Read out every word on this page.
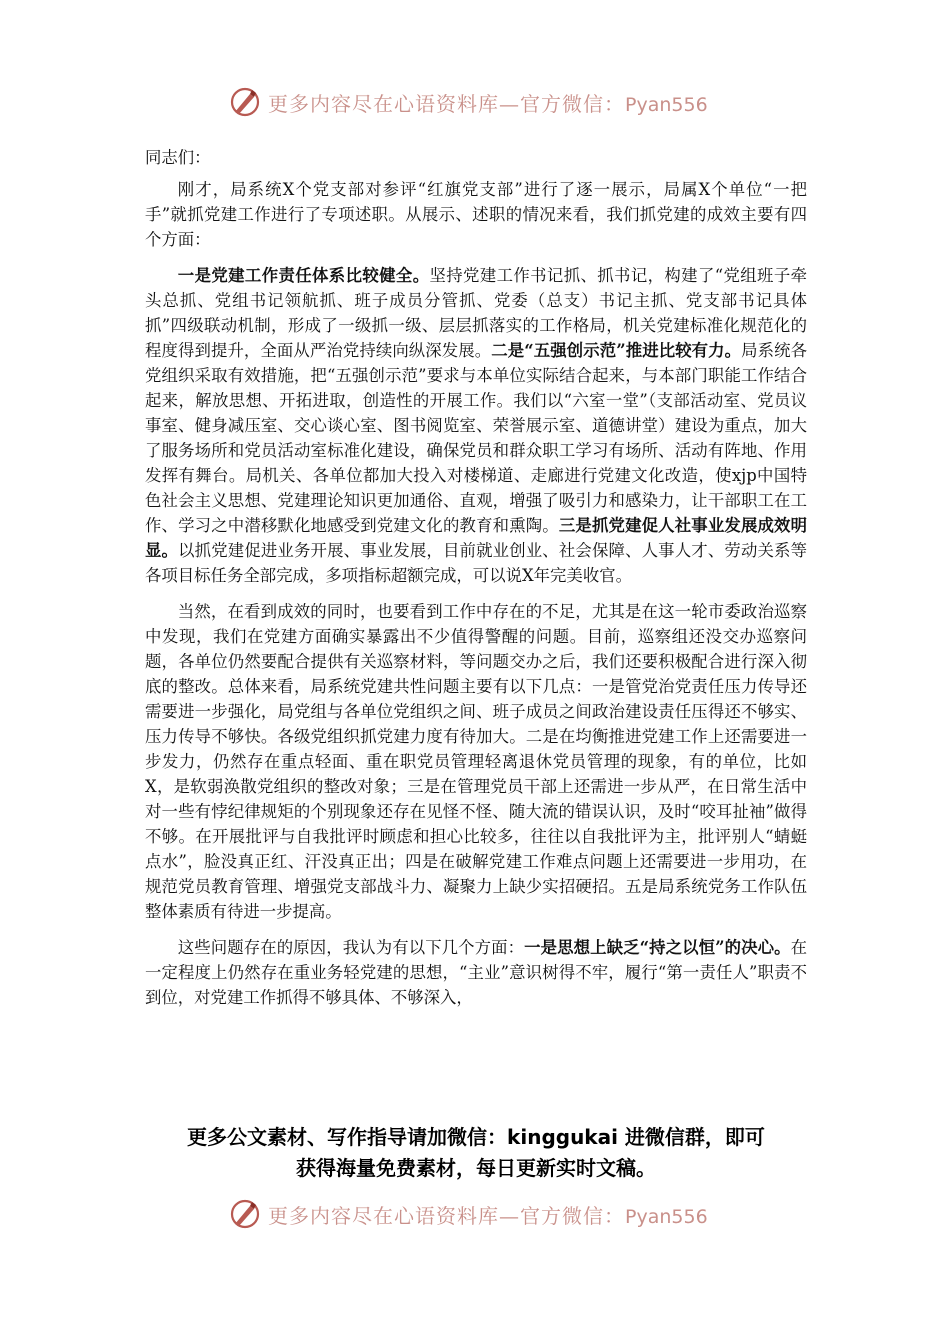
更多内容尽在心语资料库—官方微信：Pyan556

同志们：

刚才，局系统X个党支部对参评“红旗党支部”进行了逐一展示，局属X个单位“一把手”就抓党建工作进行了专项述职。从展示、述职的情况来看，我们抓党建的成效主要有四个方面：

一是党建工作责任体系比较健全。坚持党建工作书记抓、抓书记，构建了“党组班子牵头总抓、党组书记领航抓、班子成员分管抓、党委（总支）书记主抓、党支部书记具体抓”四级联动机制，形成了一级抓一级、层层抓落实的工作格局，机关党建标准化规范化的程度得到提升，全面从严治党持续向纵深发展。二是“五强创示范”推进比较有力。局系统各党组织采取有效措施，把“五强创示范”要求与本单位实际结合起来，与本部门职能工作结合起来，解放思想、开拓进取，创造性的开展工作。我们以“六室一堂”（支部活动室、党员议事室、健身减压室、交心谈心室、图书阅览室、荣誉展示室、道德讲堂）建设为重点，加大了服务场所和党员活动室标准化建设，确保党员和群众职工学习有场所、活动有阵地、作用发挥有舞台。局机关、各单位都加大投入对楼梯道、走廊进行党建文化改造，使xjp中国特色社会主义思想、党建理论知识更加通俗、直观，增强了吸引力和感染力，让干部职工在工作、学习之中潜移默化地感受到党建文化的教育和熏陶。三是抓党建促人社事业发展成效明显。以抓党建促进业务开展、事业发展，目前就业创业、社会保障、人事人才、劳动关系等各项目标任务全部完成，多项指标超额完成，可以说X年完美收官。

当然，在看到成效的同时，也要看到工作中存在的不足，尤其是在这一轮市委政治巡察中发现，我们在党建方面确实暴露出不少值得警醒的问题。目前，巡察组还没交办巡察问题，各单位仍然要配合提供有关巡察材料，等问题交办之后，我们还要积极配合进行深入彻底的整改。总体来看，局系统党建共性问题主要有以下几点：一是管党治党责任压力传导还需要进一步强化，局党组与各单位党组织之间、班子成员之间政治建设责任压得还不够实、压力传导不够快。各级党组织抓党建力度有待加大。二是在均衡推进党建工作上还需要进一步发力，仍然存在重点轻面、重在职党员管理轻离退休党员管理的现象，有的单位，比如X，是软弱涣散党组织的整改对象；三是在管理党员干部上还需进一步从严，在日常生活中对一些有悖纪律规矩的个别现象还存在见怪不怪、随大流的错误认识，及时“咬耳扯袖”做得不够。在开展批评与自我批评时顾虑和担心比较多，往往以自我批评为主，批评别人“蜻蜓点水”，脸没真正红、汗没真正出；四是在破解党建工作难点问题上还需要进一步用功，在规范党员教育管理、增强党支部战斗力、凝聚力上缺少实招硬招。五是局系统党务工作队伍整体素质有待进一步提高。

这些问题存在的原因，我认为有以下几个方面：一是思想上缺乏“持之以恒”的决心。在一定程度上仍然存在重业务轻党建的思想，“主业”意识树得不牢，履行“第一责任人”职责不到位，对党建工作抓得不够具体、不够深入，

更多公文素材、写作指导请加微信：kinggukai 进微信群，即可
获得海量免费素材，每日更新实时文稿。
更多内容尽在心语资料库—官方微信：Pyan556
